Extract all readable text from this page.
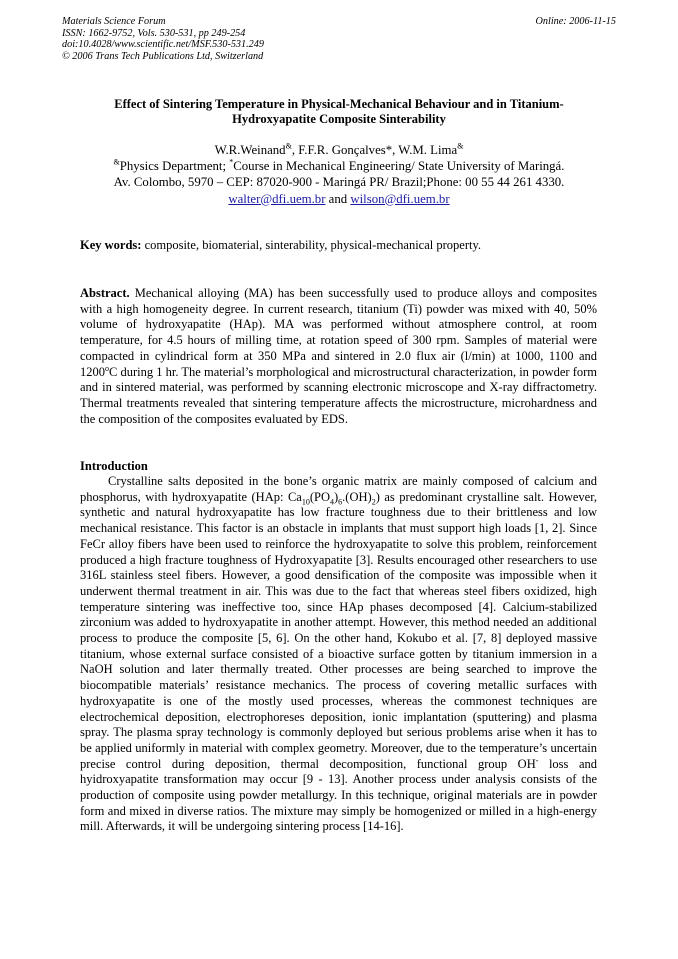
Materials Science Forum
ISSN: 1662-9752, Vols. 530-531, pp 249-254
doi:10.4028/www.scientific.net/MSF.530-531.249
© 2006 Trans Tech Publications Ltd, Switzerland
Online: 2006-11-15
Effect of Sintering Temperature in Physical-Mechanical Behaviour and in Titanium-Hydroxyapatite Composite Sinterability
W.R.Weinand&, F.F.R. Gonçalves*, W.M. Lima&
&Physics Department; *Course in Mechanical Engineering/ State University of Maringá.
Av. Colombo, 5970 – CEP: 87020-900 - Maringá PR/ Brazil;Phone: 00 55 44 261 4330.
walter@dfi.uem.br and wilson@dfi.uem.br
Key words: composite, biomaterial, sinterability, physical-mechanical property.

Abstract. Mechanical alloying (MA) has been successfully used to produce alloys and composites with a high homogeneity degree. In current research, titanium (Ti) powder was mixed with 40, 50% volume of hydroxyapatite (HAp). MA was performed without atmosphere control, at room temperature, for 4.5 hours of milling time, at rotation speed of 300 rpm. Samples of material were compacted in cylindrical form at 350 MPa and sintered in 2.0 flux air (l/min) at 1000, 1100 and 1200$^o$C during 1 hr. The material’s morphological and microstructural characterization, in powder form and in sintered material, was performed by scanning electronic microscope and X-ray diffractometry. Thermal treatments revealed that sintering temperature affects the microstructure, microhardness and the composition of the composites evaluated by EDS.

Introduction

Crystalline salts deposited in the bone’s organic matrix are mainly composed of calcium and phosphorus, with hydroxyapatite (HAp: $Ca_{10}(PO_4)_6.(OH)_2$) as predominant crystalline salt. However, synthetic and natural hydroxyapatite has low fracture toughness due to their brittleness and low mechanical resistance. This factor is an obstacle in implants that must support high loads [1, 2]. Since FeCr alloy fibers have been used to reinforce the hydroxyapatite to solve this problem, reinforcement produced a high fracture toughness of Hydroxyapatite [3]. Results encouraged other researchers to use 316L stainless steel fibers. However, a good densification of the composite was impossible when it underwent thermal treatment in air. This was due to the fact that whereas steel fibers oxidized, high temperature sintering was ineffective too, since HAp phases decomposed [4]. Calcium-stabilized zirconium was added to hydroxyapatite in another attempt. However, this method needed an additional process to produce the composite [5, 6]. On the other hand, Kokubo et al. [7, 8] deployed massive titanium, whose external surface consisted of a bioactive surface gotten by titanium immersion in a NaOH solution and later thermally treated. Other processes are being searched to improve the biocompatible materials’ resistance mechanics. The process of covering metallic surfaces with hydroxyapatite is one of the mostly used processes, whereas the commonest techniques are electrochemical deposition, electrophoreses deposition, ionic implantation (sputtering) and plasma spray. The plasma spray technology is commonly deployed but serious problems arise when it has to be applied uniformly in material with complex geometry. Moreover, due to the temperature’s uncertain precise control during deposition, thermal decomposition, functional group OH- loss and hyidroxyapatite transformation may occur [9 - 13]. Another process under analysis consists of the production of composite using powder metallurgy. In this technique, original materials are in powder form and mixed in diverse ratios. The mixture may simply be homogenized or milled in a high-energy mill. Afterwards, it will be undergoing sintering process [14-16].
